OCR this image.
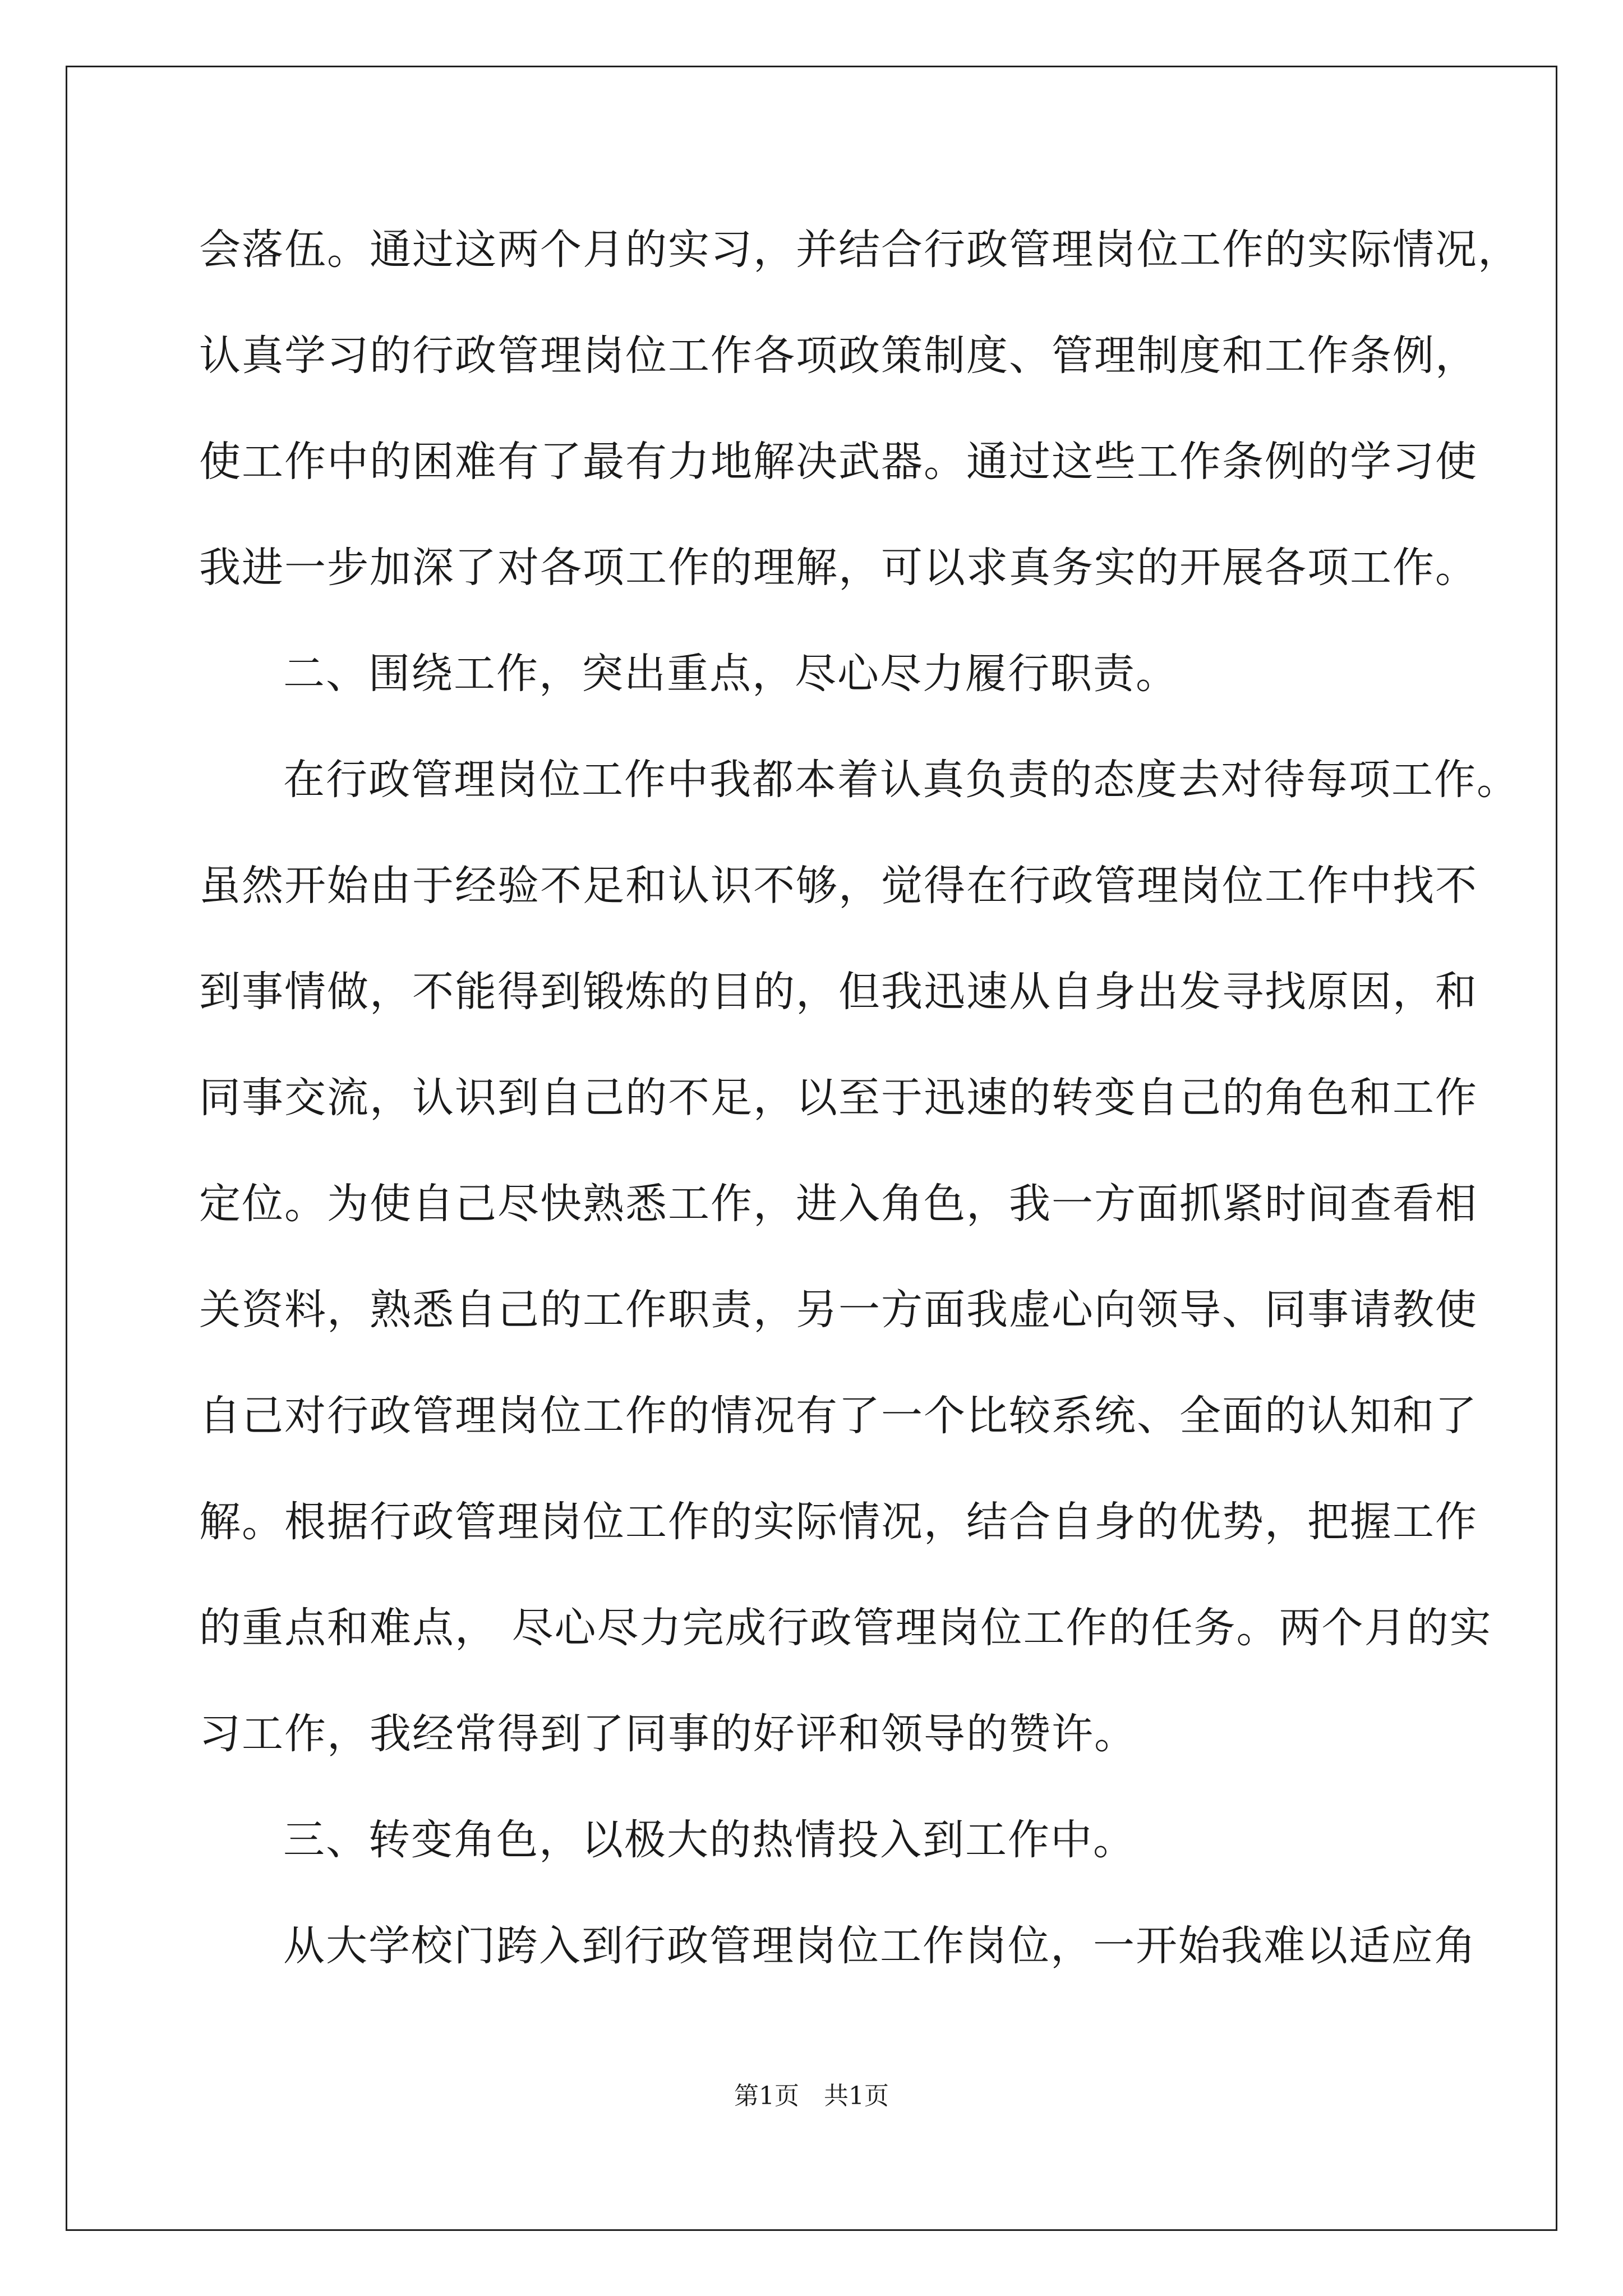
会落伍。通过这两个月的实习，并结合行政管理岗位工作的实际情况，
认真学习的行政管理岗位工作各项政策制度、管理制度和工作条例，
使工作中的困难有了最有力地解决武器。通过这些工作条例的学习使
我进一步加深了对各项工作的理解，可以求真务实的开展各项工作。
二、围绕工作，突出重点，尽心尽力履行职责。
在行政管理岗位工作中我都本着认真负责的态度去对待每项工作。
虽然开始由于经验不足和认识不够，觉得在行政管理岗位工作中找不
到事情做，不能得到锻炼的目的，但我迅速从自身出发寻找原因，和
同事交流，认识到自己的不足，以至于迅速的转变自己的角色和工作
定位。为使自己尽快熟悉工作，进入角色，我一方面抓紧时间查看相
关资料，熟悉自己的工作职责，另一方面我虚心向领导、同事请教使
自己对行政管理岗位工作的情况有了一个比较系统、全面的认知和了
解。根据行政管理岗位工作的实际情况，结合自身的优势，把握工作
的重点和难点， 尽心尽力完成行政管理岗位工作的任务。两个月的实
习工作，我经常得到了同事的好评和领导的赞许。
三、转变角色，以极大的热情投入到工作中。
从大学校门跨入到行政管理岗位工作岗位，一开始我难以适应角
第1页　共1页
